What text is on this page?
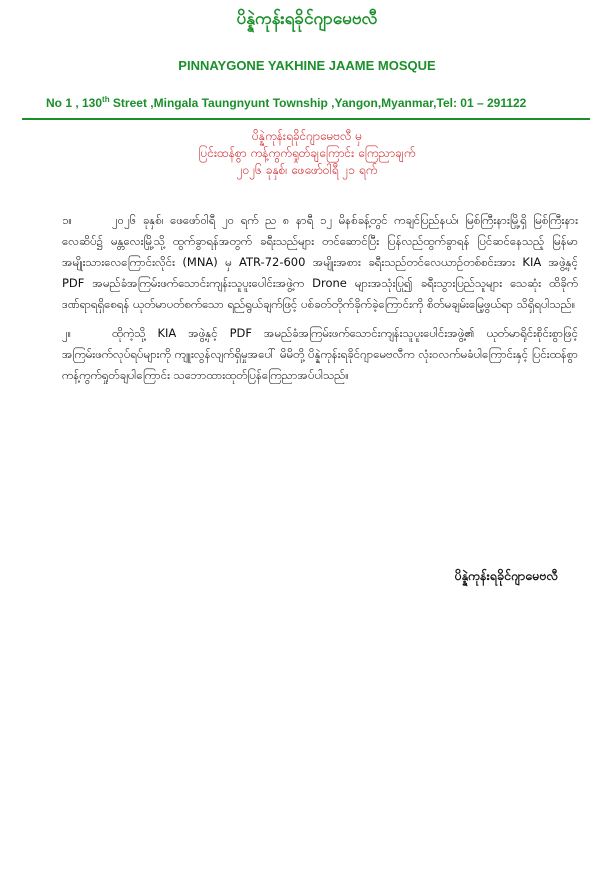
ပိန္နဲကုန်းရခိုင်ဂျာမေဗလီ
PINNAYGONE YAKHINE JAAME MOSQUE
No 1 , 130th Street ,Mingala Taungnyunt Township ,Yangon,Myanmar,Tel: 01 – 291122
ပိန္နဲကုန်းရခိုင်ဂျာမေဗလီ မှ
ပြင်းထန်စွာ ကန့်ကွက်ရှုတ်ချကြောင်း ကြေညာချက်
၂၀၂၆ ခုနှစ်၊ ဖေဖော်ဝါရီ ၂၁ ရက်

၁။	၂၀၂၆ ခုနှစ်၊ ဖေဖော်ဝါရီ ၂၀ ရက် ည ၈ နာရီ ၁၂ မိနစ်ခန့်တွင် ကချင်ပြည်နယ်၊ မြစ်ကြီးနားမြို့ရှိ မြစ်ကြီးနားလေဆိပ်၌ မန္တလေးမြို့သို့ ထွက်ခွာရန်အတွက် ခရီးသည်များ တင်ဆောင်ပြီး ပြန်လည်ထွက်ခွာရန် ပြင်ဆင်နေသည့် မြန်မာအမျိုးသားလေကြောင်းလိုင်း (MNA) မှ ATR-72-600 အမျိုးအစား ခရီးသည်တင်လေယာဉ်တစ်စင်းအား KIA အဖွဲ့နှင့် PDF အမည်ခံအကြမ်းဖက်သောင်းကျန်းသူပူးပေါင်းအဖွဲ့က Drone များအသုံးပြု၍ ခရီးသွားပြည်သူများ သေဆုံး ထိခိုက်ဒဏ်ရာရရှိစေရန် ယုတ်မာပတ်စက်သော ရည်ရွယ်ချက်ဖြင့် ပစ်ခတ်တိုက်ခိုက်ခဲ့ကြောင်းကို စိတ်မချမ်းမြေ့ဖွယ်ရာ သိရှိရပါသည်။

၂။	ထိုကဲ့သို့ KIA အဖွဲ့နှင့် PDF အမည်ခံအကြမ်းဖက်သောင်းကျန်းသူပူးပေါင်းအဖွဲ့၏ ယုတ်မာရိုင်းစိုင်းစွာဖြင့် အကြမ်းဖက်လုပ်ရပ်များကို ကျူးလွန်လျက်ရှိမှုအပေါ် မိမိတို့ ပိန္နဲကုန်းရခိုင်ဂျာမေဗလီက လုံးဝလက်မခံပါကြောင်းနှင့် ပြင်းထန်စွာကန့်ကွက်ရှုတ်ချပါကြောင်း သဘောထားထုတ်ပြန်ကြေညာအပ်ပါသည်။

ပိန္နဲကုန်းရခိုင်ဂျာမေဗလီ
